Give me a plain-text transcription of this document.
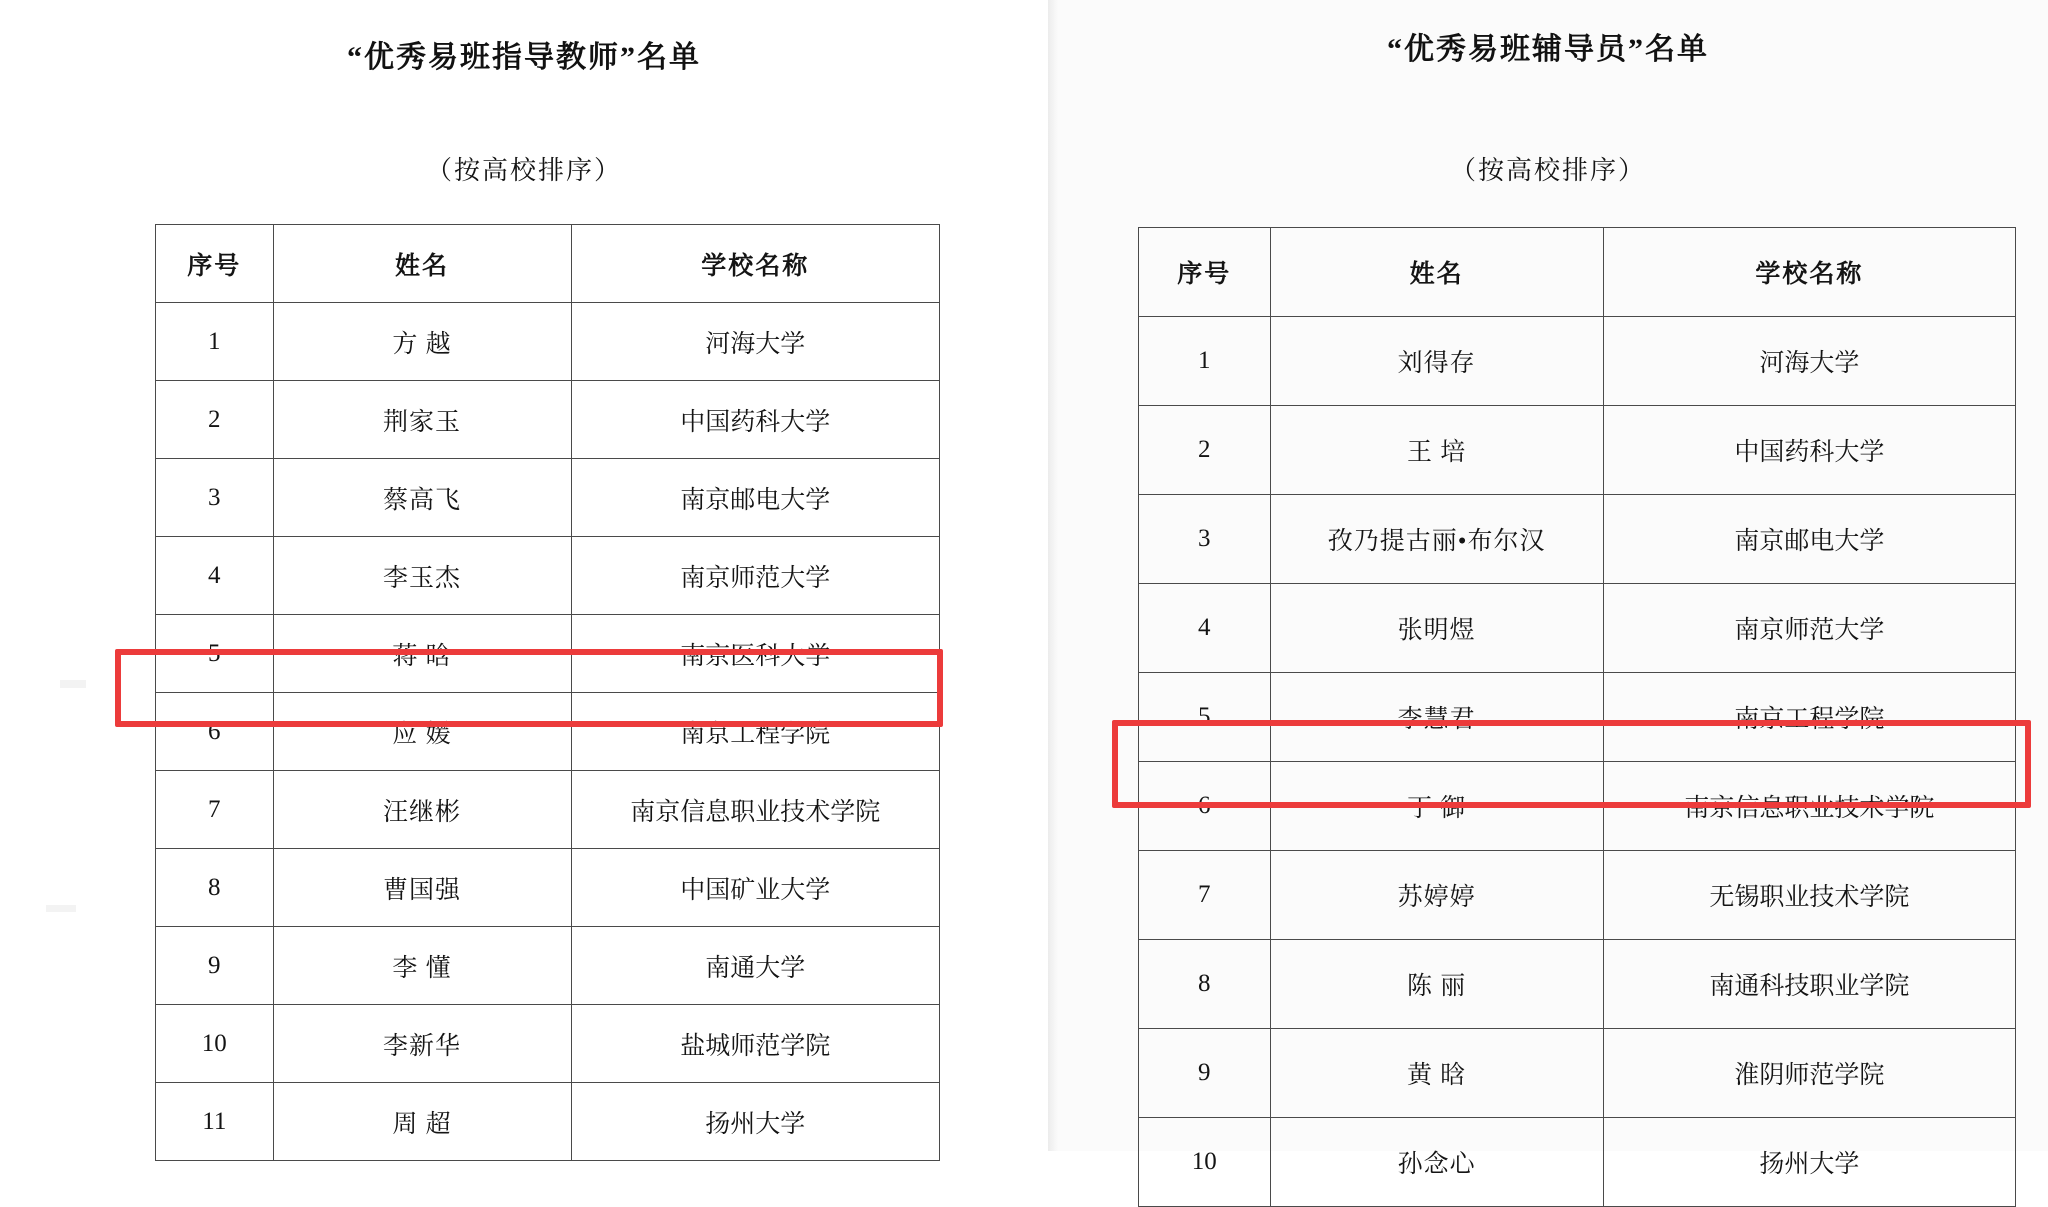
“优秀易班指导教师”名单
（按高校排序）
序号	姓名	学校名称
1	方 越	河海大学
2	荆家玉	中国药科大学
3	蔡高飞	南京邮电大学
4	李玉杰	南京师范大学
5	蒋 晗	南京医科大学
6	应 媛	南京工程学院
7	汪继彬	南京信息职业技术学院
8	曹国强	中国矿业大学
9	李 懂	南通大学
10	李新华	盐城师范学院
11	周 超	扬州大学
“优秀易班辅导员”名单
（按高校排序）
序号	姓名	学校名称
1	刘得存	河海大学
2	王 培	中国药科大学
3	孜乃提古丽•布尔汉	南京邮电大学
4	张明煜	南京师范大学
5	李慧君	南京工程学院
6	丁 御	南京信息职业技术学院
7	苏婷婷	无锡职业技术学院
8	陈 丽	南通科技职业学院
9	黄 晗	淮阴师范学院
10	孙念心	扬州大学
